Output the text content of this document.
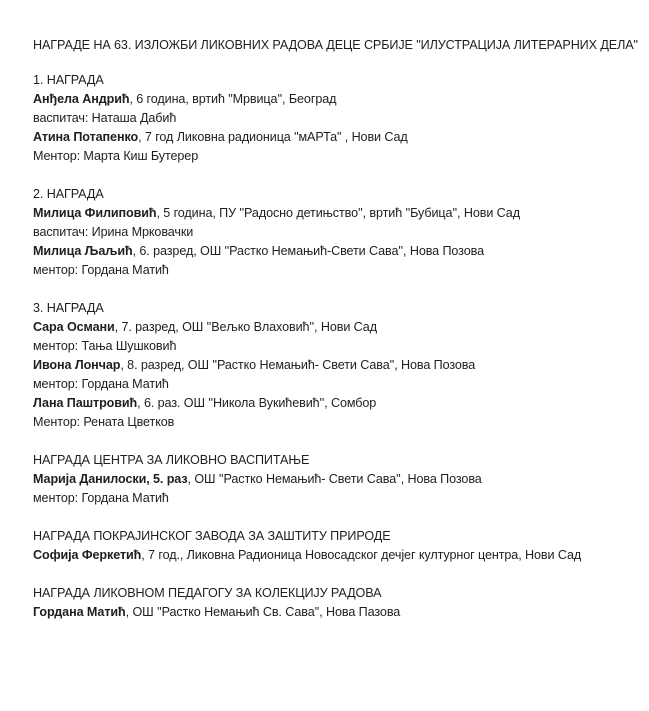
НАГРАДЕ НА 63. ИЗЛОЖБИ ЛИКОВНИХ РАДОВА ДЕЦЕ СРБИЈЕ "ИЛУСТРАЦИЈА ЛИТЕРАРНИХ ДЕЛА"
1. НАГРАДА
Анђела Андрић, 6 година, вртић "Мрвица'', Београд
васпитач: Наташа Дабић
Атина Потапенко, 7 год Ликовна радионица "мАРТа" , Нови Сад
Ментор: Марта Киш Бутерер
2. НАГРАДА
Милица Филиповић, 5 година, ПУ ''Радосно детињство'', вртић ''Бубица'', Нови Сад
васпитач: Ирина Мрковачки
Милица Љаљић, 6. разред, ОШ ''Растко Немањић-Свети Сава'', Нова Позова
ментор: Гордана Матић
3. НАГРАДА
Сара Османи, 7. разред, ОШ ''Вељко Влаховић'', Нови Сад
ментор: Тања Шушковић
Ивона Лончар, 8. разред, ОШ ''Растко Немањић- Свети Сава'', Нова Позова
ментор: Гордана Матић
Лана Паштровић, 6. раз. ОШ ''Никола Вукићевић'', Сомбор
Ментор: Рената Цветков
НАГРАДА ЦЕНТРА ЗА ЛИКОВНО ВАСПИТАЊЕ
Марија Данилоски, 5. раз, ОШ ''Растко Немањић- Свети Сава'', Нова Позова
ментор: Гордана Матић
НАГРАДА ПОКРАЈИНСКОГ ЗАВОДА ЗА ЗАШТИТУ ПРИРОДЕ
Софија Феркетић, 7 год., Ликовна Радионица Новосадског дечјег културног центра, Нови Сад
НАГРАДА ЛИКОВНОМ ПЕДАГОГУ ЗА КОЛЕКЦИЈУ РАДОВА
Гордана Матић, ОШ ''Растко Немањић Св. Сава'', Нова Пазова
